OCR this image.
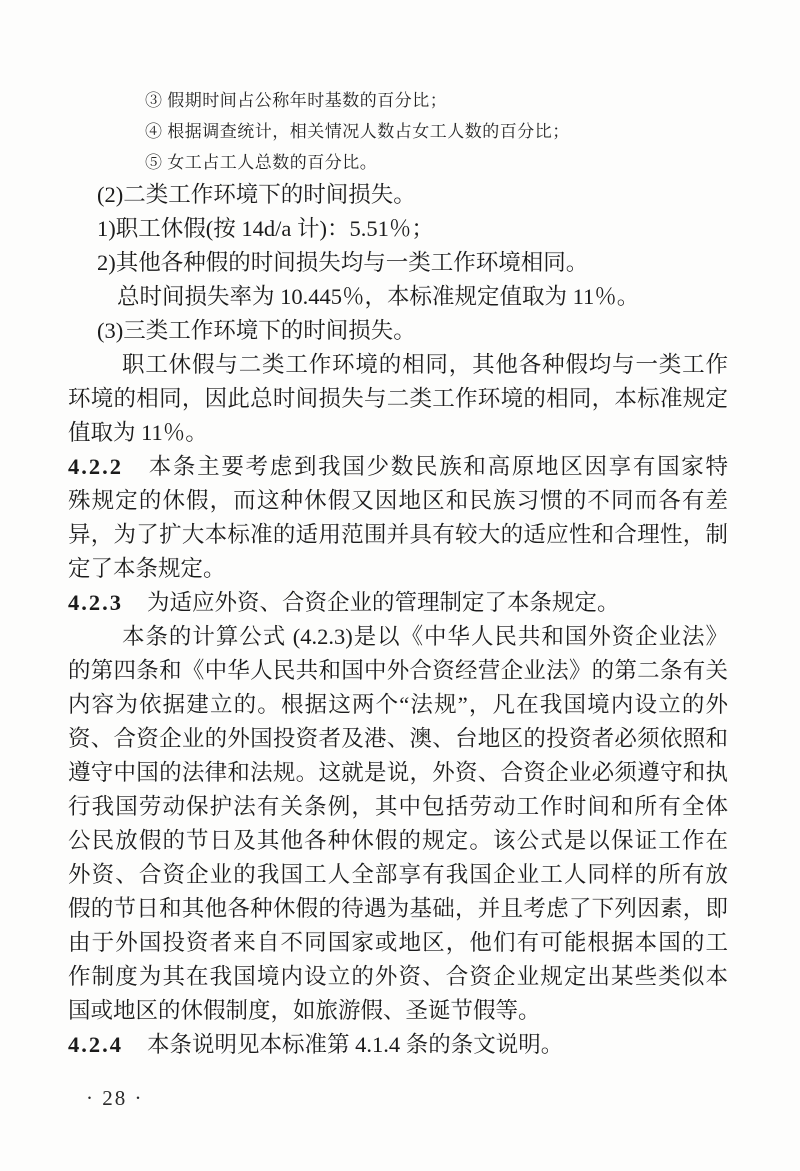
③ 假期时间占公称年时基数的百分比；
④ 根据调查统计，相关情况人数占女工人数的百分比；
⑤ 女工占工人总数的百分比。
(2)二类工作环境下的时间损失。
1)职工休假(按 14d/a 计)：5.51％；
2)其他各种假的时间损失均与一类工作环境相同。
总时间损失率为 10.445％，本标准规定值取为 11％。
(3)三类工作环境下的时间损失。
职工休假与二类工作环境的相同，其他各种假均与一类工作
环境的相同，因此总时间损失与二类工作环境的相同，本标准规定
值取为 11％。
4.2.2 本条主要考虑到我国少数民族和高原地区因享有国家特
殊规定的休假，而这种休假又因地区和民族习惯的不同而各有差
异，为了扩大本标准的适用范围并具有较大的适应性和合理性，制
定了本条规定。
4.2.3 为适应外资、合资企业的管理制定了本条规定。
本条的计算公式 (4.2.3)是以《中华人民共和国外资企业法》
的第四条和《中华人民共和国中外合资经营企业法》的第二条有关
内容为依据建立的。根据这两个“法规”，凡在我国境内设立的外
资、合资企业的外国投资者及港、澳、台地区的投资者必须依照和
遵守中国的法律和法规。这就是说，外资、合资企业必须遵守和执
行我国劳动保护法有关条例，其中包括劳动工作时间和所有全体
公民放假的节日及其他各种休假的规定。该公式是以保证工作在
外资、合资企业的我国工人全部享有我国企业工人同样的所有放
假的节日和其他各种休假的待遇为基础，并且考虑了下列因素，即
由于外国投资者来自不同国家或地区，他们有可能根据本国的工
作制度为其在我国境内设立的外资、合资企业规定出某些类似本
国或地区的休假制度，如旅游假、圣诞节假等。
4.2.4 本条说明见本标准第 4.1.4 条的条文说明。
· 28 ·
